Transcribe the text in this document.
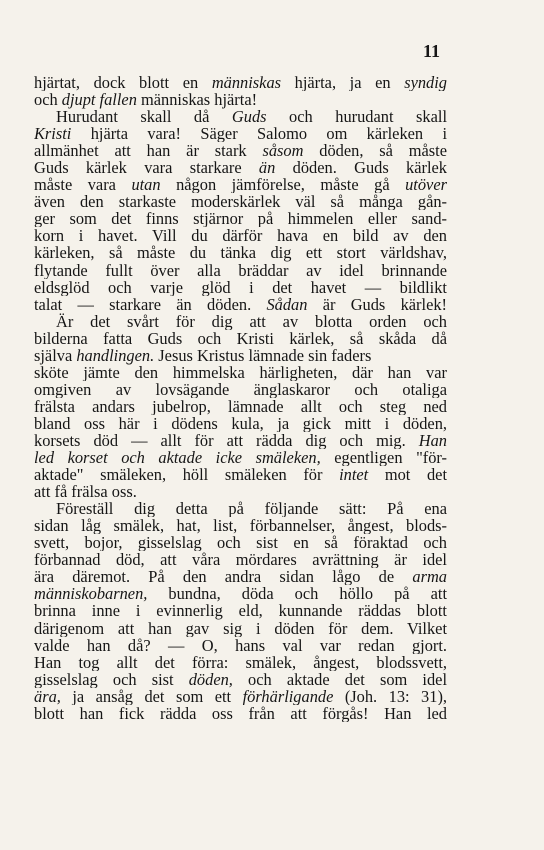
11
hjärtat, dock blott en människas hjärta, ja en syndig
och djupt fallen människas hjärta!
Hurudant skall då Guds och hurudant skall
Kristi hjärta vara! Säger Salomo om kärleken i
allmänhet att han är stark såsom döden, så måste
Guds kärlek vara starkare än döden. Guds kärlek
måste vara utan någon jämförelse, måste gå utöver
även den starkaste moderskärlek väl så många gån-
ger som det finns stjärnor på himmelen eller sand-
korn i havet. Vill du därför hava en bild av den
kärleken, så måste du tänka dig ett stort världshav,
flytande fullt över alla bräddar av idel brinnande
eldsglöd och varje glöd i det havet — bildlikt
talat — starkare än döden. Sådan är Guds kärlek!
Är det svårt för dig att av blotta orden och
bilderna fatta Guds och Kristi kärlek, så skåda då
själva handlingen. Jesus Kristus lämnade sin faders
sköte jämte den himmelska härligheten, där han var
omgiven av lovsägande änglaskaror och otaliga
frälsta andars jubelrop, lämnade allt och steg ned
bland oss här i dödens kula, ja gick mitt i döden,
korsets död — allt för att rädda dig och mig. Han
led korset och aktade icke smäleken, egentligen "för-
aktade" smäleken, höll smäleken för intet mot det
att få frälsa oss.
Föreställ dig detta på följande sätt: På ena
sidan låg smälek, hat, list, förbannelser, ångest, blods-
svett, bojor, gisselslag och sist en så föraktad och
förbannad död, att våra mördares avrättning är idel
ära däremot. På den andra sidan lågo de arma
människobarnen, bundna, döda och höllo på att
brinna inne i evinnerlig eld, kunnande räddas blott
därigenom att han gav sig i döden för dem. Vilket
valde han då? — O, hans val var redan gjort.
Han tog allt det förra: smälek, ångest, blodssvett,
gisselslag och sist döden, och aktade det som idel
ära, ja ansåg det som ett förhärligande (Joh. 13: 31),
blott han fick rädda oss från att förgås! Han led
